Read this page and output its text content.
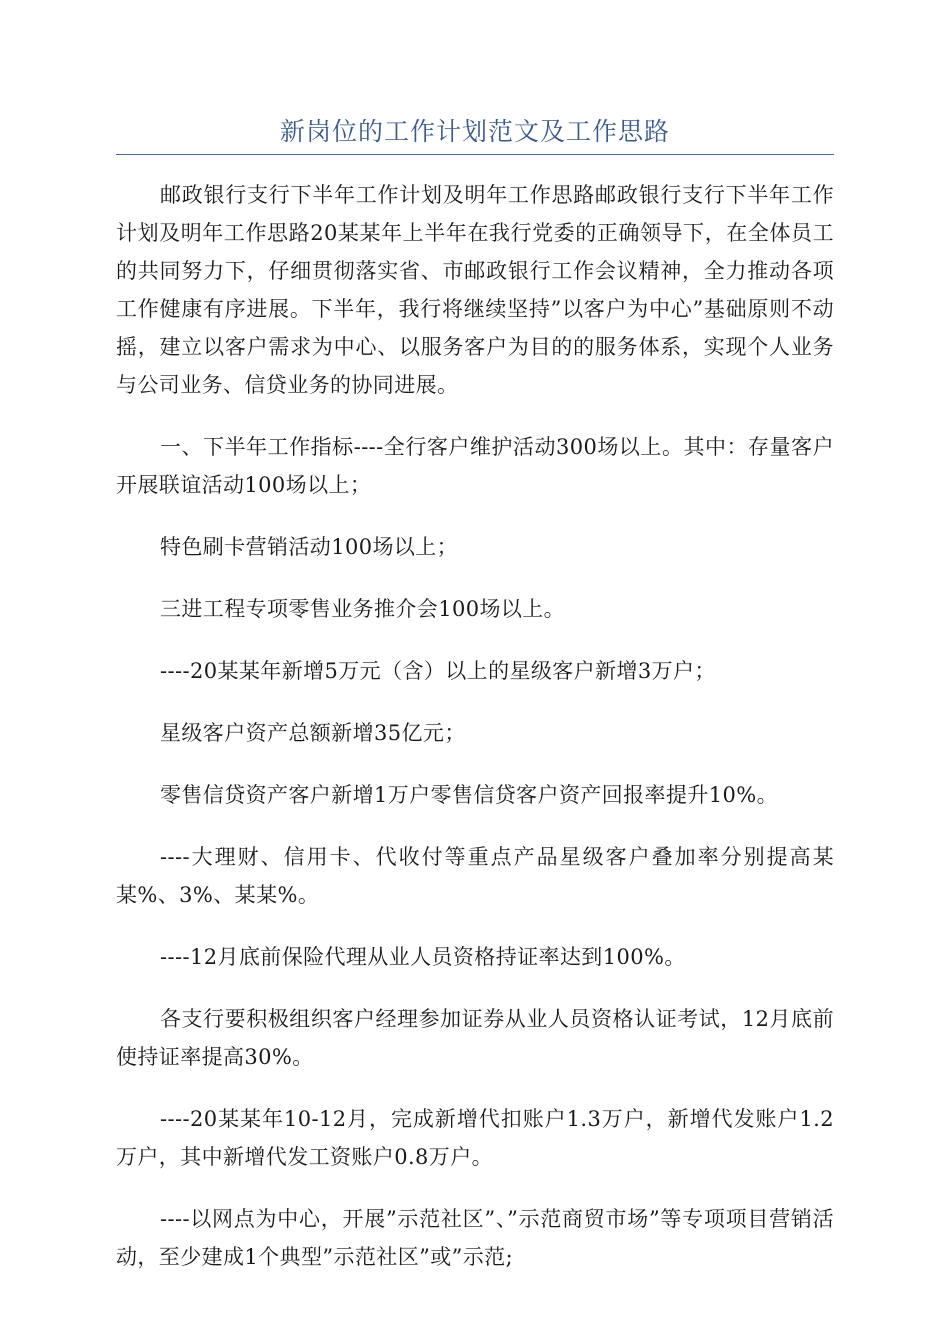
新岗位的工作计划范文及工作思路

邮政银行支行下半年工作计划及明年工作思路邮政银行支行下半年工作计划及明年工作思路20某某年上半年在我行党委的正确领导下，在全体员工的共同努力下，仔细贯彻落实省、市邮政银行工作会议精神，全力推动各项工作健康有序进展。下半年，我行将继续坚持”以客户为中心”基础原则不动摇，建立以客户需求为中心、以服务客户为目的的服务体系，实现个人业务与公司业务、信贷业务的协同进展。

一、下半年工作指标----全行客户维护活动300场以上。其中：存量客户开展联谊活动100场以上；

特色刷卡营销活动100场以上；

三进工程专项零售业务推介会100场以上。

----20某某年新增5万元（含）以上的星级客户新增3万户；

星级客户资产总额新增35亿元；

零售信贷资产客户新增1万户零售信贷客户资产回报率提升10%。

----大理财、信用卡、代收付等重点产品星级客户叠加率分别提高某某%、3%、某某%。

----12月底前保险代理从业人员资格持证率达到100%。

各支行要积极组织客户经理参加证券从业人员资格认证考试，12月底前使持证率提高30%。

----20某某年10-12月，完成新增代扣账户1.3万户，新增代发账户1.2万户，其中新增代发工资账户0.8万户。

----以网点为中心，开展”示范社区”、”示范商贸市场”等专项项目营销活动，至少建成1个典型”示范社区”或”示范;
